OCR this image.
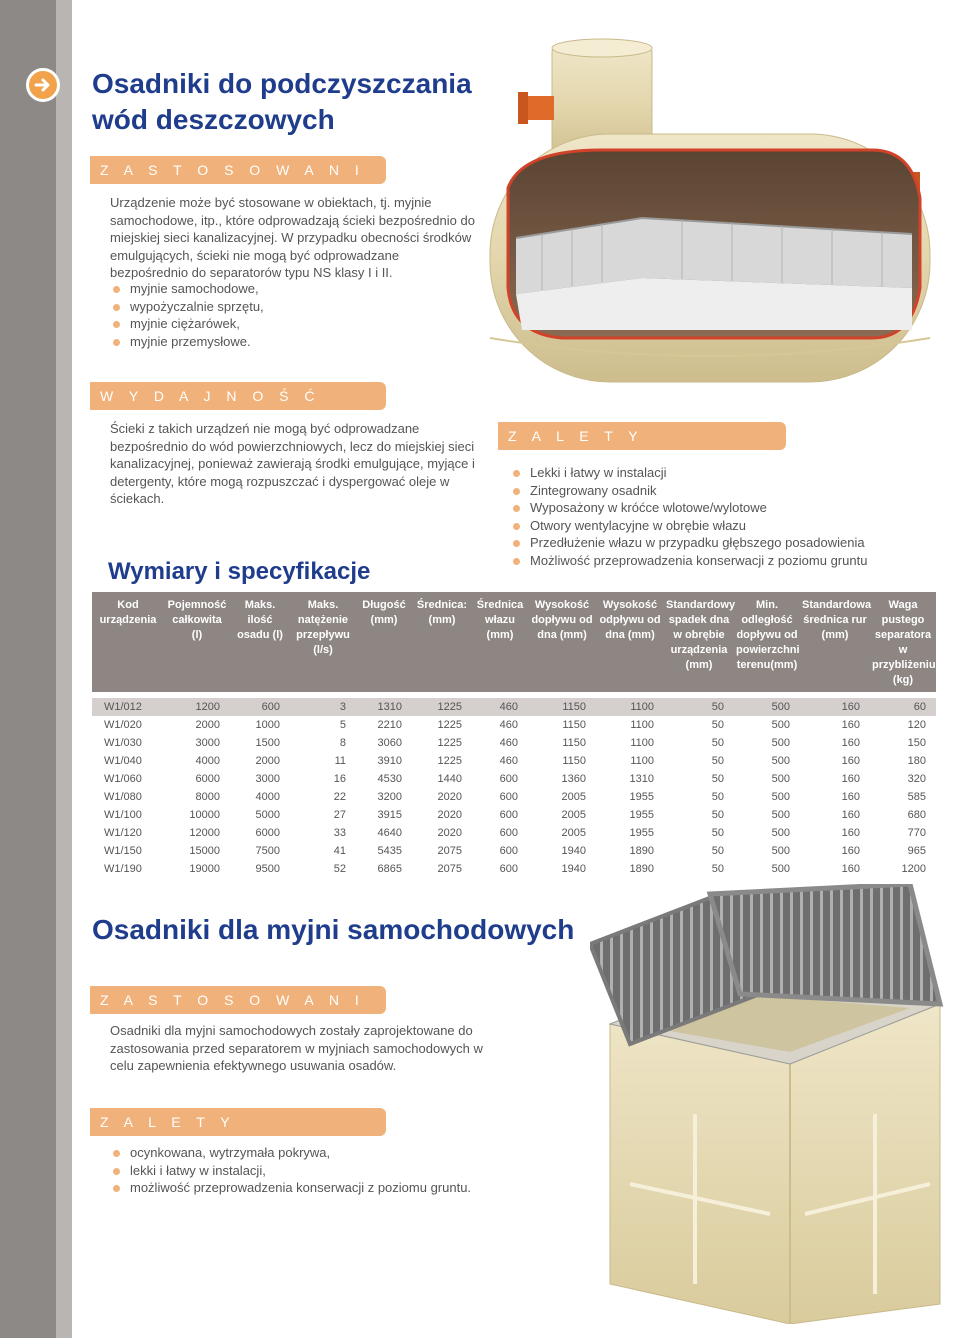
Osadniki do podczyszczania wód deszczowych
Z A S T O S O W A N I E

Urządzenie może być stosowane w obiektach, tj. myjnie samochodowe, itp., które odprowadzają ścieki bezpośrednio do miejskiej sieci kanalizacyjnej. W przypadku obecności środków emulgujących, ścieki nie mogą być odprowadzane bezpośrednio do separatorów typu NS klasy I i II.

myjnie samochodowe,
wypożyczalnie sprzętu,
myjnie ciężarówek,
myjnie przemysłowe.
W Y D A J N O Ś Ć

Ścieki z takich urządzeń nie mogą być odprowadzane bezpośrednio do wód powierzchniowych, lecz do miejskiej sieci kanalizacyjnej, ponieważ zawierają środki emulgujące, myjące i detergenty, które mogą rozpuszczać i dyspergować oleje w ściekach.

Z A L E T Y
Lekki i łatwy w instalacji
Zintegrowany osadnik
Wyposażony w króćce wlotowe/wylotowe
Otwory wentylacyjne w obrębie włazu
Przedłużenie włazu w przypadku głębszego posadowienia
Możliwość przeprowadzenia konserwacji z poziomu gruntu
Wymiary i specyfikacje
Kod urządzenia	Pojemność całkowita (l)	Maks. ilość osadu (l)	Maks. natężenie przepływu (l/s)	Długość (mm)	Średnica: (mm)	Średnica włazu (mm)	Wysokość dopływu od dna (mm)	Wysokość odpływu od dna (mm)	Standardowy spadek dna w obrębie urządzenia (mm)	Min. odległość dopływu od powierzchni terenu(mm)	Standardowa średnica rur (mm)	Waga pustego separatora w przybliżeniu (kg)

W1/012	1200	600	3	1310	1225	460	1150	1100	50	500	160	60
W1/020	2000	1000	5	2210	1225	460	1150	1100	50	500	160	120
W1/030	3000	1500	8	3060	1225	460	1150	1100	50	500	160	150
W1/040	4000	2000	11	3910	1225	460	1150	1100	50	500	160	180
W1/060	6000	3000	16	4530	1440	600	1360	1310	50	500	160	320
W1/080	8000	4000	22	3200	2020	600	2005	1955	50	500	160	585
W1/100	10000	5000	27	3915	2020	600	2005	1955	50	500	160	680
W1/120	12000	6000	33	4640	2020	600	2005	1955	50	500	160	770
W1/150	15000	7500	41	5435	2075	600	1940	1890	50	500	160	965
W1/190	19000	9500	52	6865	2075	600	1940	1890	50	500	160	1200
Osadniki dla myjni samochodowych
Z A S T O S O W A N I E

Osadniki dla myjni samochodowych zostały zaprojektowane do zastosowania przed separatorem w myjniach samochodowych w celu zapewnienia efektywnego usuwania osadów.

Z A L E T Y
ocynkowana, wytrzymała pokrywa,
lekki i łatwy w instalacji,
możliwość przeprowadzenia konserwacji z poziomu gruntu.
